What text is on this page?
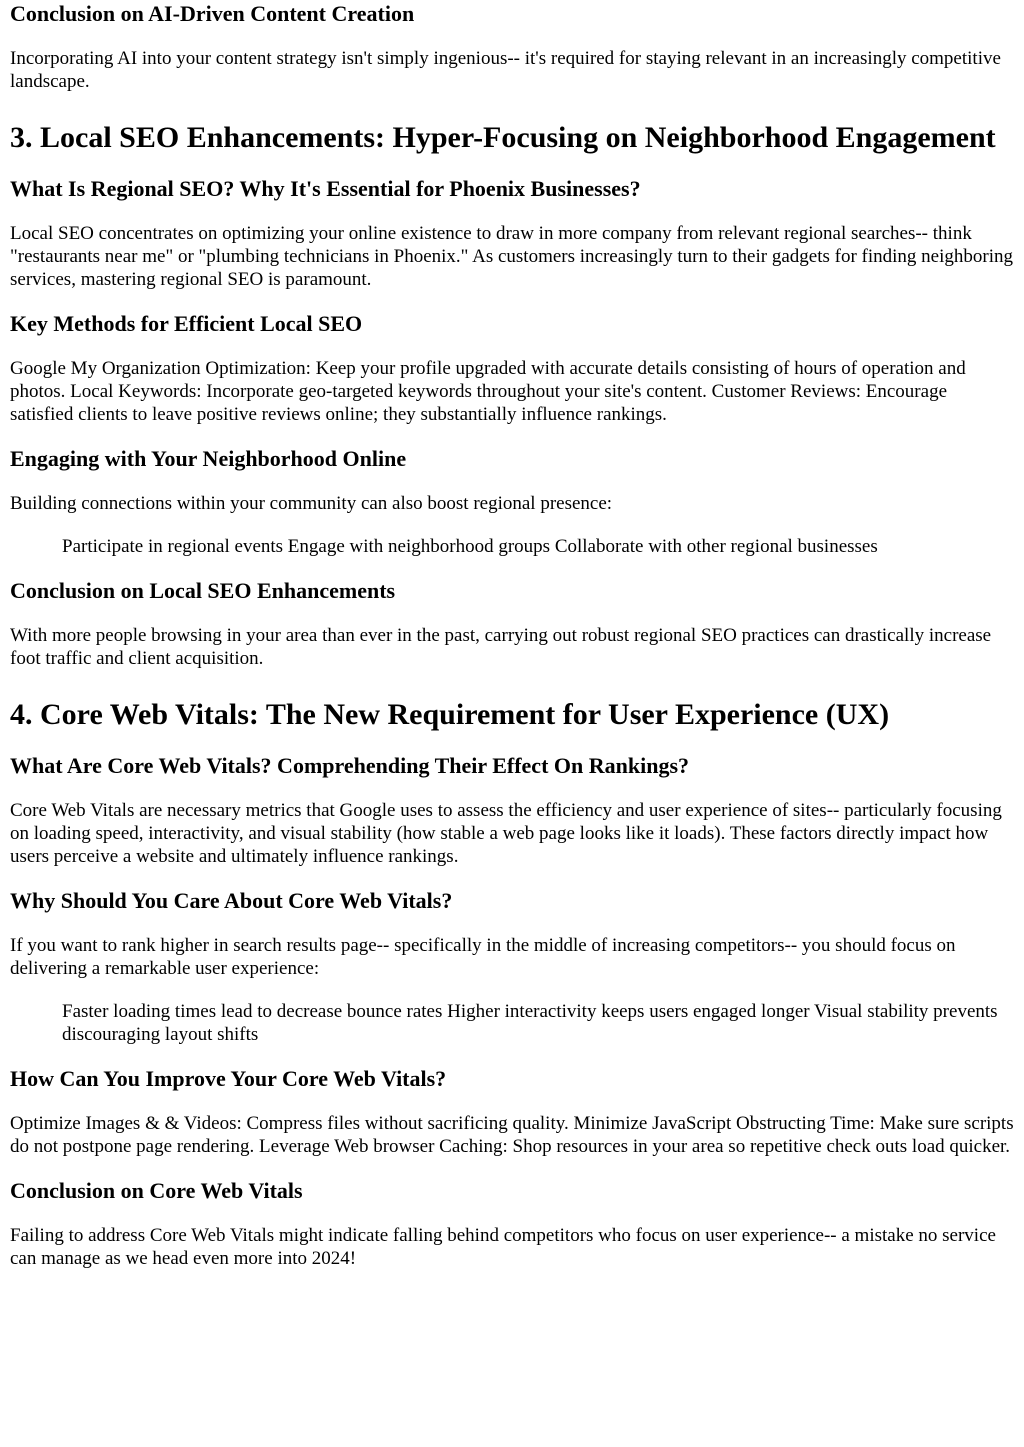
Conclusion on AI-Driven Content Creation

Incorporating AI into your content strategy isn't simply ingenious-- it's required for staying relevant in an increasingly competitive landscape.

3. Local SEO Enhancements: Hyper-Focusing on Neighborhood Engagement
What Is Regional SEO? Why It's Essential for Phoenix Businesses?

Local SEO concentrates on optimizing your online existence to draw in more company from relevant regional searches-- think "restaurants near me" or "plumbing technicians in Phoenix." As customers increasingly turn to their gadgets for finding neighboring services, mastering regional SEO is paramount.

Key Methods for Efficient Local SEO

Google My Organization Optimization: Keep your profile upgraded with accurate details consisting of hours of operation and photos. Local Keywords: Incorporate geo-targeted keywords throughout your site's content. Customer Reviews: Encourage satisfied clients to leave positive reviews online; they substantially influence rankings.

Engaging with Your Neighborhood Online

Building connections within your community can also boost regional presence:

Participate in regional events Engage with neighborhood groups Collaborate with other regional businesses
Conclusion on Local SEO Enhancements

With more people browsing in your area than ever in the past, carrying out robust regional SEO practices can drastically increase foot traffic and client acquisition.

4. Core Web Vitals: The New Requirement for User Experience (UX)
What Are Core Web Vitals? Comprehending Their Effect On Rankings?

Core Web Vitals are necessary metrics that Google uses to assess the efficiency and user experience of sites-- particularly focusing on loading speed, interactivity, and visual stability (how stable a web page looks like it loads). These factors directly impact how users perceive a website and ultimately influence rankings.

Why Should You Care About Core Web Vitals?

If you want to rank higher in search results page-- specifically in the middle of increasing competitors-- you should focus on delivering a remarkable user experience:

Faster loading times lead to decrease bounce rates Higher interactivity keeps users engaged longer Visual stability prevents discouraging layout shifts
How Can You Improve Your Core Web Vitals?

Optimize Images & & Videos: Compress files without sacrificing quality. Minimize JavaScript Obstructing Time: Make sure scripts do not postpone page rendering. Leverage Web browser Caching: Shop resources in your area so repetitive check outs load quicker.

Conclusion on Core Web Vitals

Failing to address Core Web Vitals might indicate falling behind competitors who focus on user experience-- a mistake no service can manage as we head even more into 2024!
